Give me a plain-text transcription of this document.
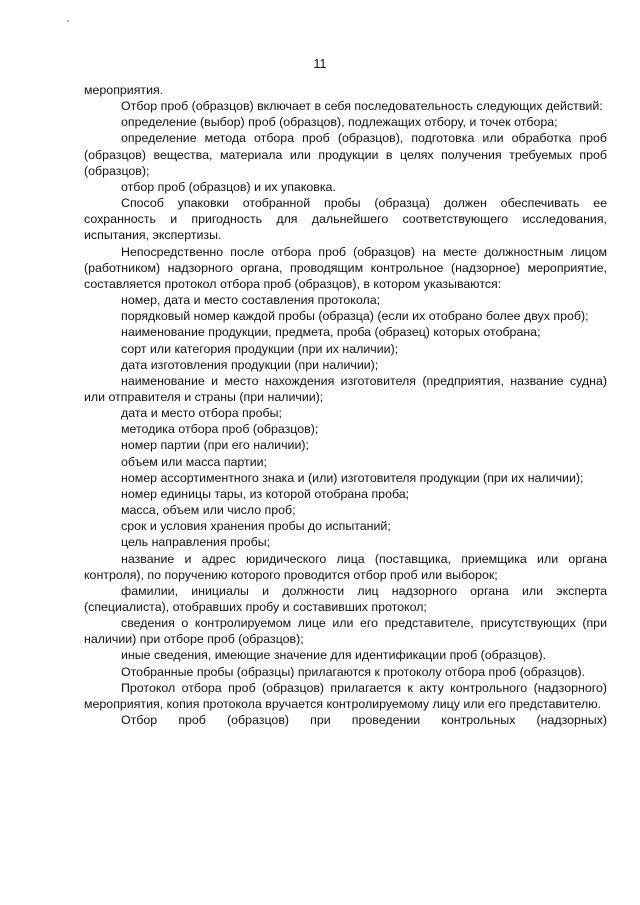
11

мероприятия.

Отбор проб (образцов) включает в себя последовательность следующих действий:

определение (выбор) проб (образцов), подлежащих отбору, и точек отбора;

определение метода отбора проб (образцов), подготовка или обработка проб (образцов) вещества, материала или продукции в целях получения требуемых проб (образцов);

отбор проб (образцов) и их упаковка.

Способ упаковки отобранной пробы (образца) должен обеспечивать ее сохранность и пригодность для дальнейшего соответствующего исследования, испытания, экспертизы.

Непосредственно после отбора проб (образцов) на месте должностным лицом (работником) надзорного органа, проводящим контрольное (надзорное) мероприятие, составляется протокол отбора проб (образцов), в котором указываются:

номер, дата и место составления протокола;

порядковый номер каждой пробы (образца) (если их отобрано более двух проб);

наименование продукции, предмета, проба (образец) которых отобрана;

сорт или категория продукции (при их наличии);

дата изготовления продукции (при наличии);

наименование и место нахождения изготовителя (предприятия, название судна) или отправителя и страны (при наличии);

дата и место отбора пробы;

методика отбора проб (образцов);

номер партии (при его наличии);

объем или масса партии;

номер ассортиментного знака и (или) изготовителя продукции (при их наличии);

номер единицы тары, из которой отобрана проба;

масса, объем или число проб;

срок и условия хранения пробы до испытаний;

цель направления пробы;

название и адрес юридического лица (поставщика, приемщика или органа контроля), по поручению которого проводится отбор проб или выборок;

фамилии, инициалы и должности лиц надзорного органа или эксперта (специалиста), отобравших пробу и составивших протокол;

сведения о контролируемом лице или его представителе, присутствующих (при наличии) при отборе проб (образцов);

иные сведения, имеющие значение для идентификации проб (образцов).

Отобранные пробы (образцы) прилагаются к протоколу отбора проб (образцов).

Протокол отбора проб (образцов) прилагается к акту контрольного (надзорного) мероприятия, копия протокола вручается контролируемому лицу или его представителю.

Отбор проб (образцов) при проведении контрольных (надзорных)
